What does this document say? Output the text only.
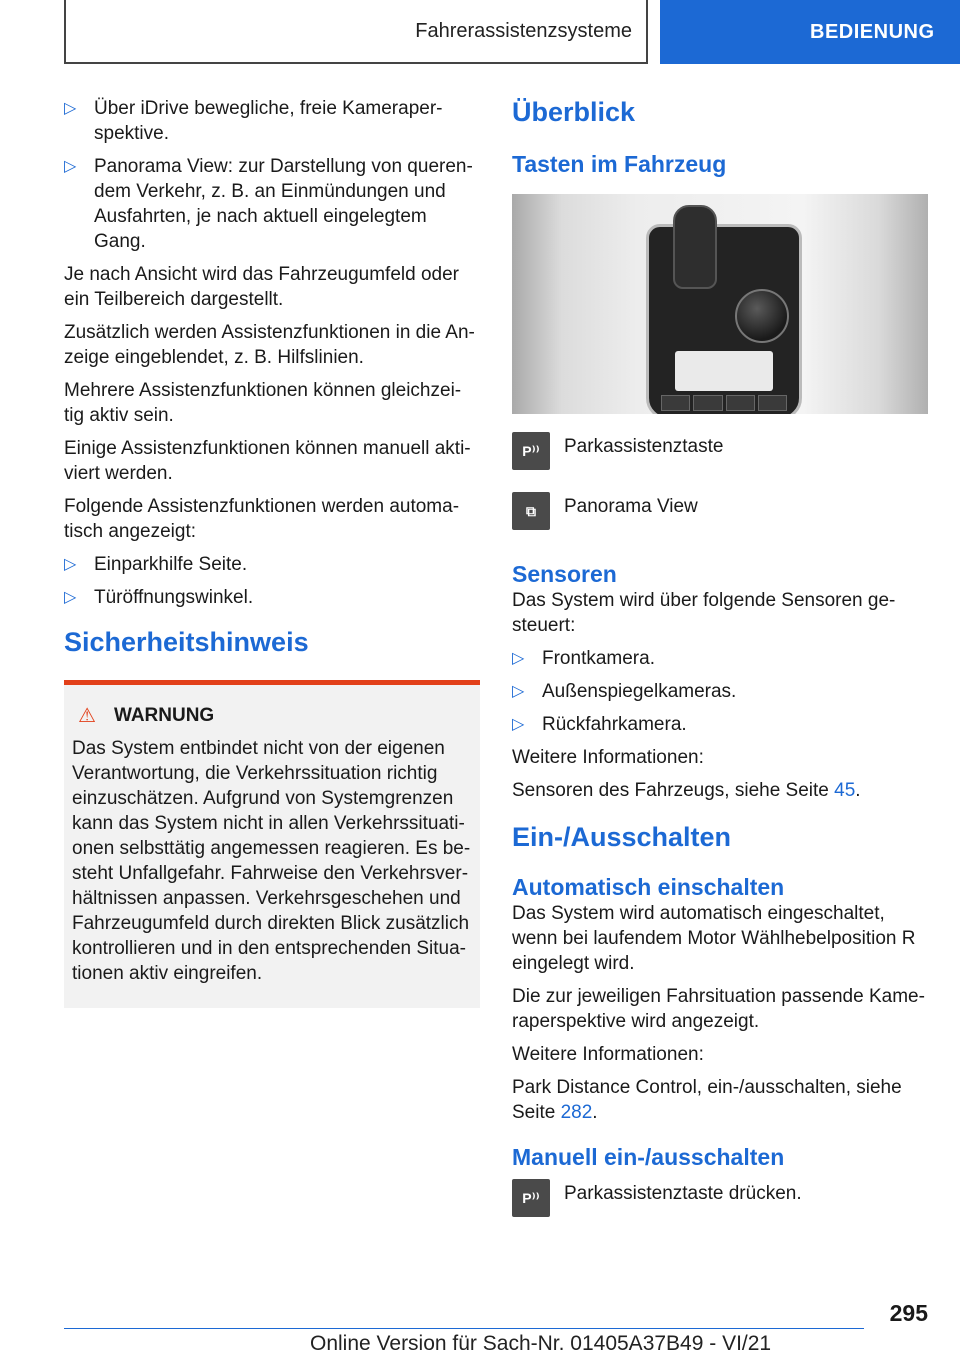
Fahrerassistenzsysteme	BEDIENUNG
▷ Über iDrive bewegliche, freie Kameraper-spektive.
▷ Panorama View: zur Darstellung von queren-dem Verkehr, z. B. an Einmündungen und Ausfahrten, je nach aktuell eingelegtem Gang.

Je nach Ansicht wird das Fahrzeugumfeld oder ein Teilbereich dargestellt.

Zusätzlich werden Assistenzfunktionen in die An-zeige eingeblendet, z. B. Hilfslinien.

Mehrere Assistenzfunktionen können gleichzei-tig aktiv sein.

Einige Assistenzfunktionen können manuell akti-viert werden.

Folgende Assistenzfunktionen werden automa-tisch angezeigt:

▷ Einparkhilfe Seite.
▷ Türöffnungswinkel.
Sicherheitshinweis
⚠ WARNUNG

Das System entbindet nicht von der eigenen Verantwortung, die Verkehrssituation richtig einzuschätzen. Aufgrund von Systemgrenzen kann das System nicht in allen Verkehrssituati-onen selbsttätig angemessen reagieren. Es be-steht Unfallgefahr. Fahrweise den Verkehrsver-hältnissen anpassen. Verkehrsgeschehen und Fahrzeugumfeld durch direkten Blick zusätzlich kontrollieren und in den entsprechenden Situa-tionen aktiv eingreifen.

Überblick
Tasten im Fahrzeug
P⁾⁾	Parkassistenztaste
⧉	Panorama View
Sensoren

Das System wird über folgende Sensoren ge-steuert:

▷ Frontkamera.
▷ Außenspiegelkameras.
▷ Rückfahrkamera.

Weitere Informationen:

Sensoren des Fahrzeugs, siehe Seite 45.

Ein-/Ausschalten
Automatisch einschalten

Das System wird automatisch eingeschaltet, wenn bei laufendem Motor Wählhebelposition R eingelegt wird.

Die zur jeweiligen Fahrsituation passende Kame-raperspektive wird angezeigt.

Weitere Informationen:

Park Distance Control, ein-/ausschalten, siehe Seite 282.

Manuell ein-/ausschalten
P⁾⁾	Parkassistenztaste drücken.
295
Online Version für Sach-Nr. 01405A37B49 - VI/21
